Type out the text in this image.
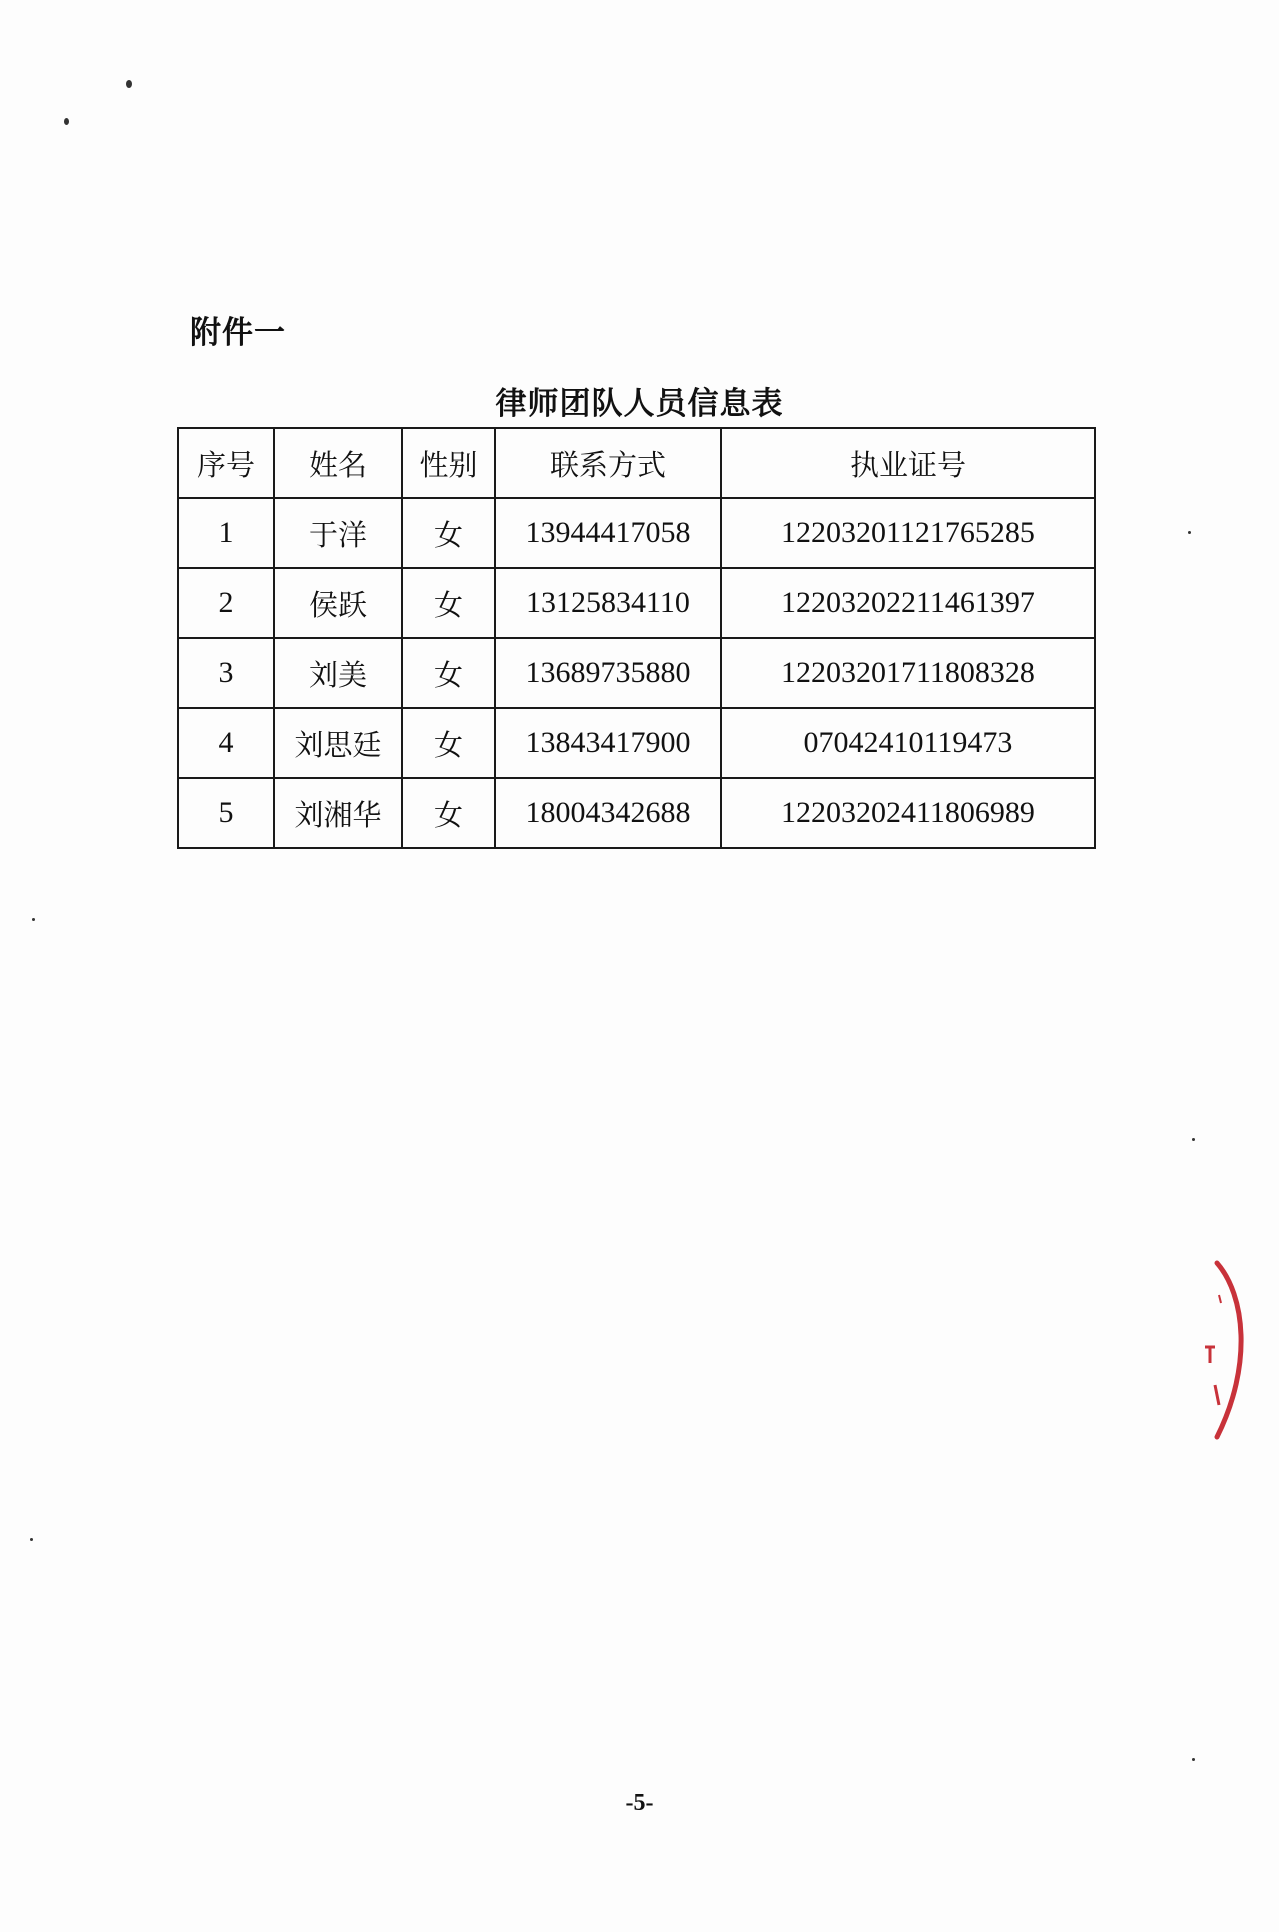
附件一
律师团队人员信息表
序号	姓名	性别	联系方式	执业证号
1	于洋	女	13944417058	12203201121765285
2	侯跃	女	13125834110	12203202211461397
3	刘美	女	13689735880	12203201711808328
4	刘思廷	女	13843417900	07042410119473
5	刘湘华	女	18004342688	12203202411806989
-5-
